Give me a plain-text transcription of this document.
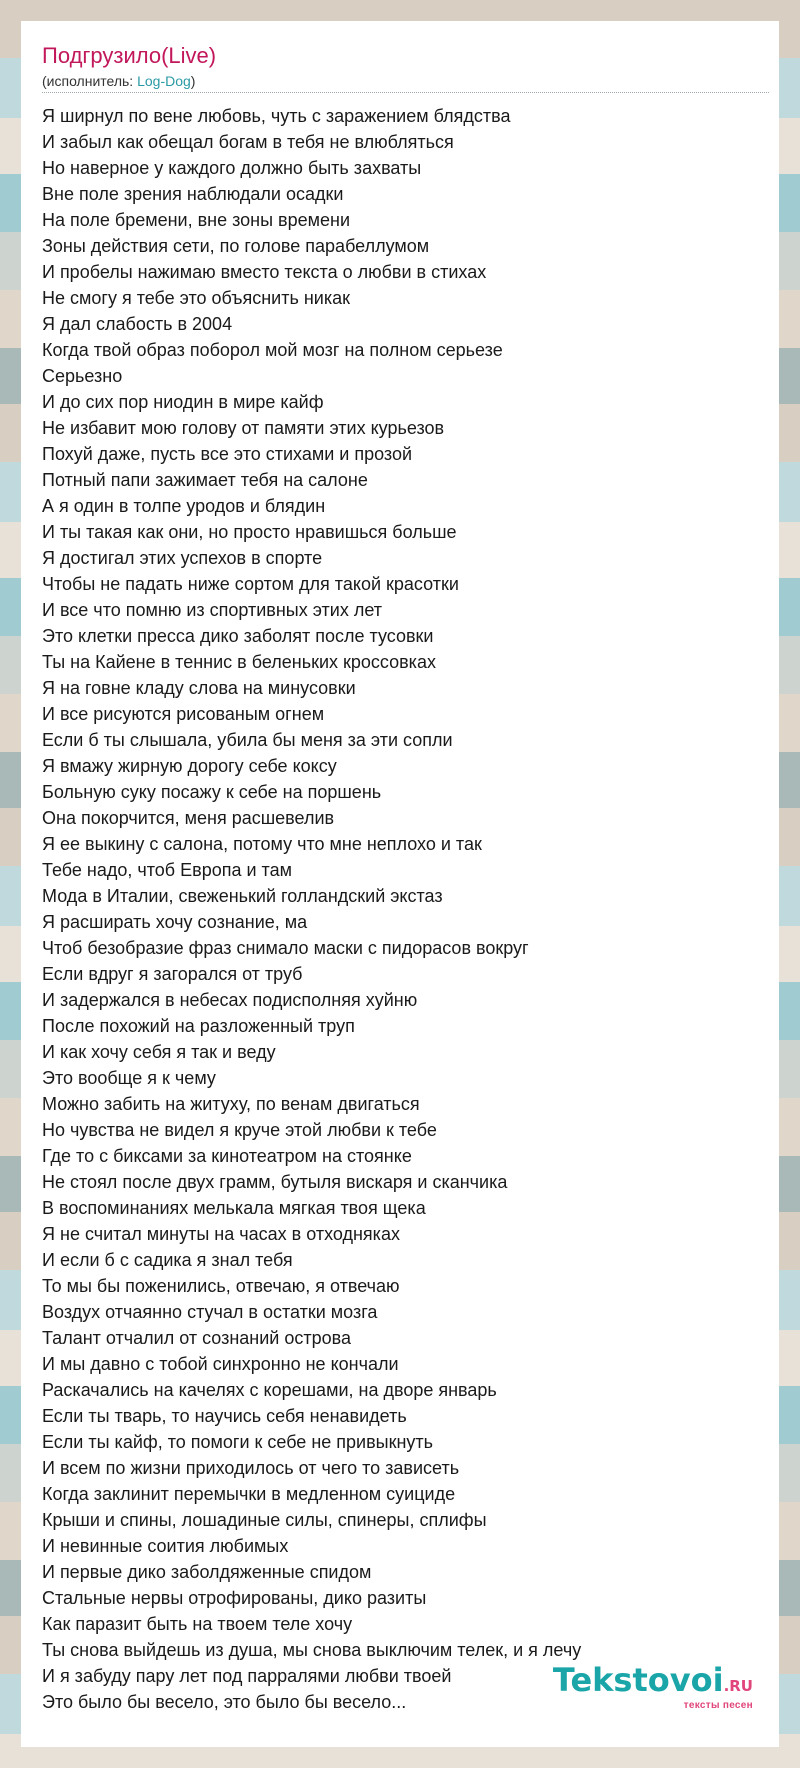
Подгрузило(Live)
(исполнитель: Log-Dog)
Я ширнул по вене любовь, чуть с заражением блядства
И забыл как обещал богам в тебя не влюбляться
Но наверное у каждого должно быть захваты
Вне поле зрения наблюдали осадки
На поле бремени, вне зоны времени
Зоны действия сети, по голове парабеллумом
И пробелы нажимаю вместо текста о любви в стихах
Не смогу я тебе это объяснить никак
Я дал слабость в 2004
Когда твой образ поборол мой мозг на полном серьезе
Серьезно
И до сих пор ниодин в мире кайф
Не избавит мою голову от памяти этих курьезов
Похуй даже, пусть все это стихами и прозой
Потный папи зажимает тебя на салоне
А я один в толпе уродов и блядин
И ты такая как они, но просто нравишься больше
Я достигал этих успехов в спорте
Чтобы не падать ниже сортом для такой красотки
И все что помню из спортивных этих лет
Это клетки пресса дико заболят после тусовки
Ты на Кайене в теннис в беленьких кроссовках
Я на говне кладу слова на минусовки
И все рисуются рисованым огнем
Если б ты слышала, убила бы меня за эти сопли
Я вмажу жирную дорогу себе коксу
Больную суку посажу к себе на поршень
Она покорчится, меня расшевелив
Я ее выкину с салона, потому что мне неплохо и так
Тебе надо, чтоб Европа и там
Мода в Италии, свеженький голландский экстаз
Я расширать хочу сознание, ма
Чтоб безобразие фраз снимало маски с пидорасов вокруг
Если вдруг я загорался от труб
И задержался в небесах подисполняя хуйню
После похожий на разложенный труп
И как хочу себя я так и веду
Это вообще я к чему
Можно забить на житуху, по венам двигаться
Но чувства не видел я круче этой любви к тебе
Где то с биксами за кинотеатром на стоянке
Не стоял после двух грамм, бутыля вискаря и сканчика
В воспоминаниях мелькала мягкая твоя щека
Я не считал минуты на часах в отходняках
И если б с садика я знал тебя
То мы бы поженились, отвечаю, я отвечаю
Воздух отчаянно стучал в остатки мозга
Талант отчалил от сознаний острова
И мы давно с тобой синхронно не кончали
Раскачались на качелях с корешами, на дворе январь
Если ты тварь, то научись себя ненавидеть
Если ты кайф, то помоги к себе не привыкнуть
И всем по жизни приходилось от чего то зависеть
Когда заклинит перемычки в медленном суициде
Крыши и спины, лошадиные силы, спинеры, сплифы
И невинные соития любимых
И первые дико заболдяженные спидом
Стальные нервы отрофированы, дико разиты
Как паразит быть на твоем теле хочу
Ты снова выйдешь из душа, мы снова выключим телек, и я лечу
И я забуду пару лет под парралями любви твоей
Это было бы весело, это было бы весело...
Tekstovoi.RU
тексты песен
